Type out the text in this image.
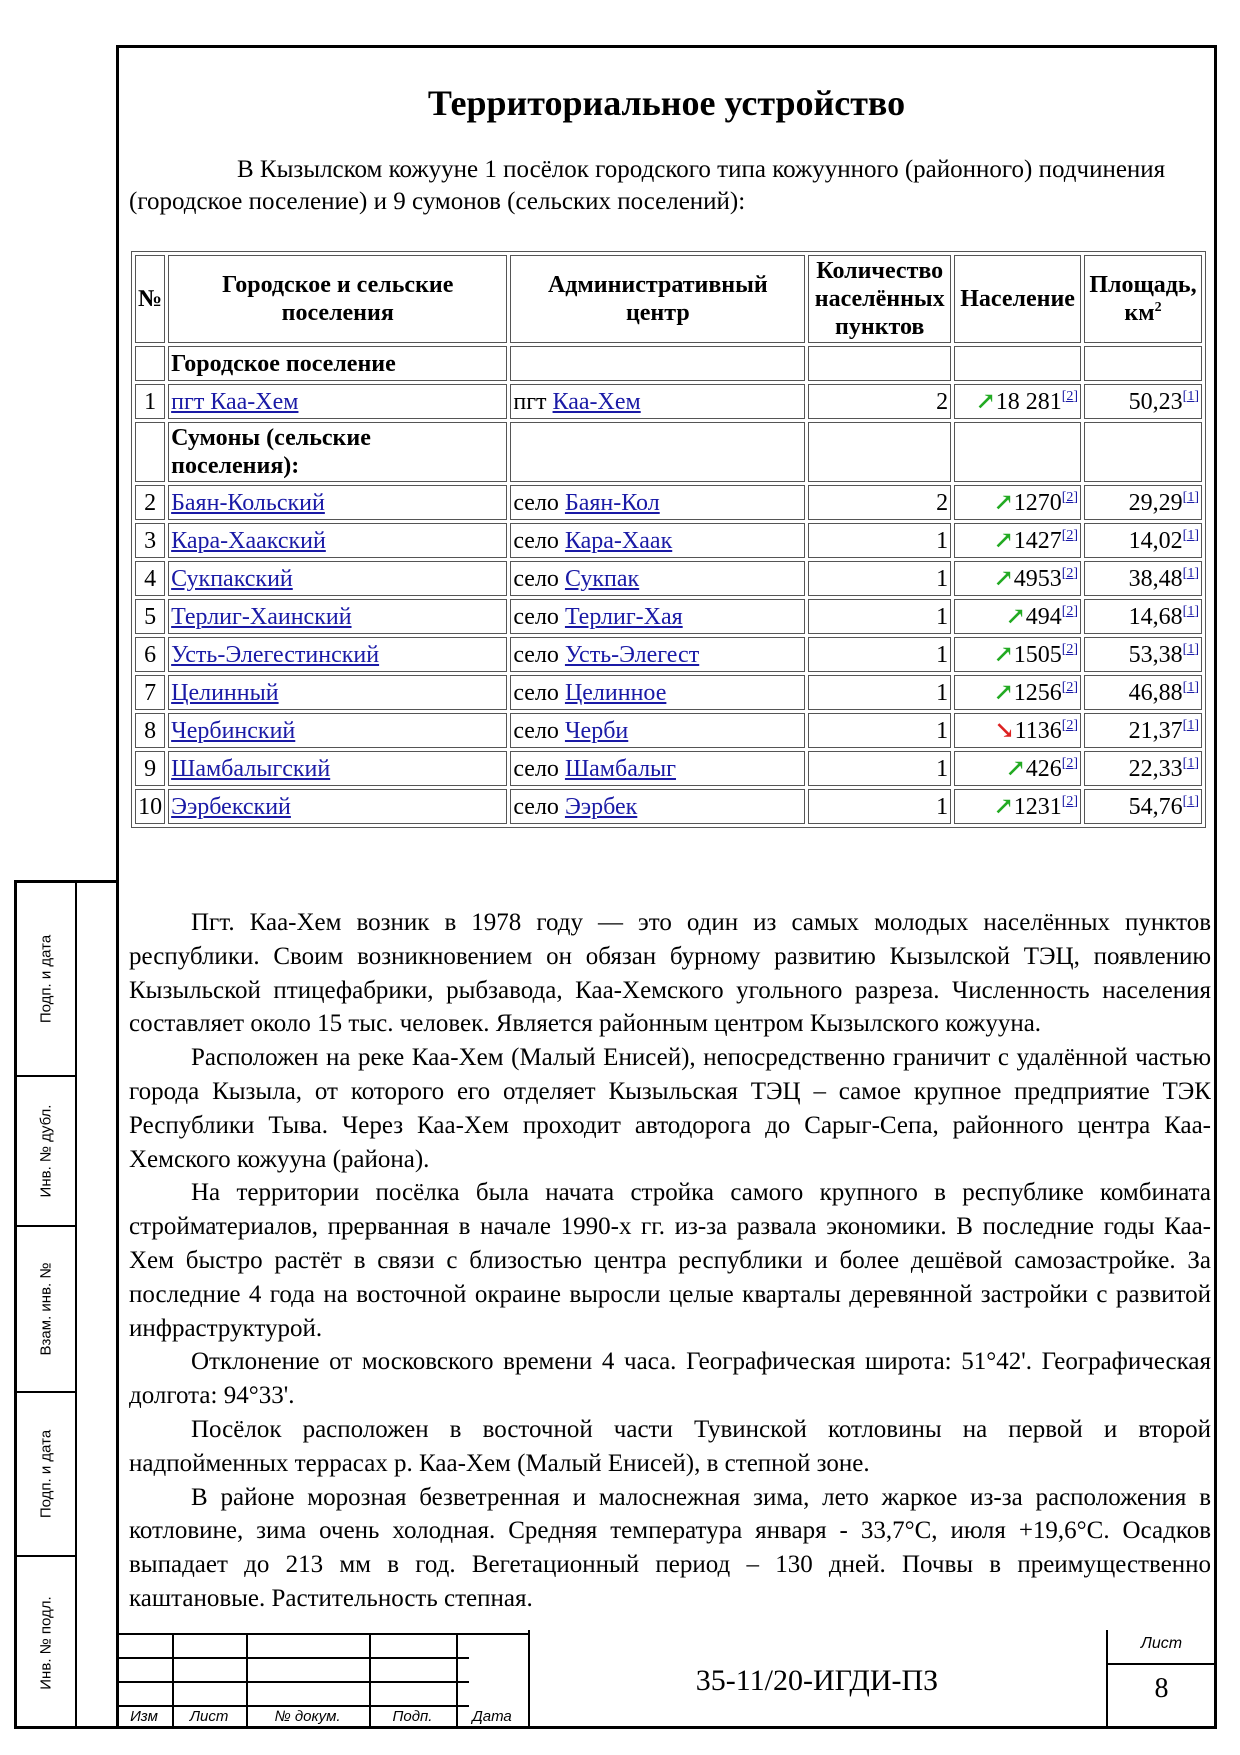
Подп. и дата
Инв. № дубл.
Взам. инв. №
Подп. и дата
Инв. № подл.
Территориальное устройство

В Кызылском кожууне 1 посёлок городского типа кожуунного (районного) подчинения (городское поселение) и 9 сумонов (сельских поселений):

№	Городское и сельские поселения	Административный центр	Количество населённых пунктов	Население	Площадь, $км^2$
	Городское поселение				
1	пгт Каа-Хем	пгт Каа-Хем	2	↗18 281[2]	50,23[1]
	Сумоны (сельские поселения):				
2	Баян-Кольский	село Баян-Кол	2	↗1270[2]	29,29[1]
3	Кара-Хаакский	село Кара-Хаак	1	↗1427[2]	14,02[1]
4	Сукпакский	село Сукпак	1	↗4953[2]	38,48[1]
5	Терлиг-Хаинский	село Терлиг-Хая	1	↗494[2]	14,68[1]
6	Усть-Элегестинский	село Усть-Элегест	1	↗1505[2]	53,38[1]
7	Целинный	село Целинное	1	↗1256[2]	46,88[1]
8	Чербинский	село Черби	1	↘1136[2]	21,37[1]
9	Шамбалыгский	село Шамбалыг	1	↗426[2]	22,33[1]
10	Ээрбекский	село Ээрбек	1	↗1231[2]	54,76[1]

Пгт. Каа-Хем возник в 1978 году — это один из самых молодых населённых пунктов республики. Своим возникновением он обязан бурному развитию Кызылской ТЭЦ, появлению Кызыльской птицефабрики, рыбзавода, Каа-Хемского угольного разреза. Численность населения составляет около 15 тыс. человек. Является районным центром Кызылского кожууна.

Расположен на реке Каа-Хем (Малый Енисей), непосредственно граничит с удалённой частью города Кызыла, от которого его отделяет Кызыльская ТЭЦ – самое крупное предприятие ТЭК Республики Тыва. Через Каа-Хем проходит автодорога до Сарыг-Сепа, районного центра Каа-Хемского кожууна (района).

На территории посёлка была начата стройка самого крупного в республике комбината стройматериалов, прерванная в начале 1990-х гг. из-за развала экономики. В последние годы Каа-Хем быстро растёт в связи с близостью центра республики и более дешёвой самозастройке. За последние 4 года на восточной окраине выросли целые кварталы деревянной застройки с развитой инфраструктурой.

Отклонение от московского времени 4 часа. Географическая широта: 51°42'. Географическая долгота: 94°33'.

Посёлок расположен в восточной части Тувинской котловины на первой и второй надпойменных террасах р. Каа-Хем (Малый Енисей), в степной зоне.

В районе морозная безветренная и малоснежная зима, лето жаркое из-за расположения в котловине, зима очень холодная. Средняя температура января - 33,7°C, июля +19,6°C. Осадков выпадает до 213 мм в год. Вегетационный период – 130 дней. Почвы в преимущественно каштановые. Растительность степная.

Изм	Лист	№ докум.	Подп.	Дата
35-11/20-ИГДИ-ПЗ
Лист
8
